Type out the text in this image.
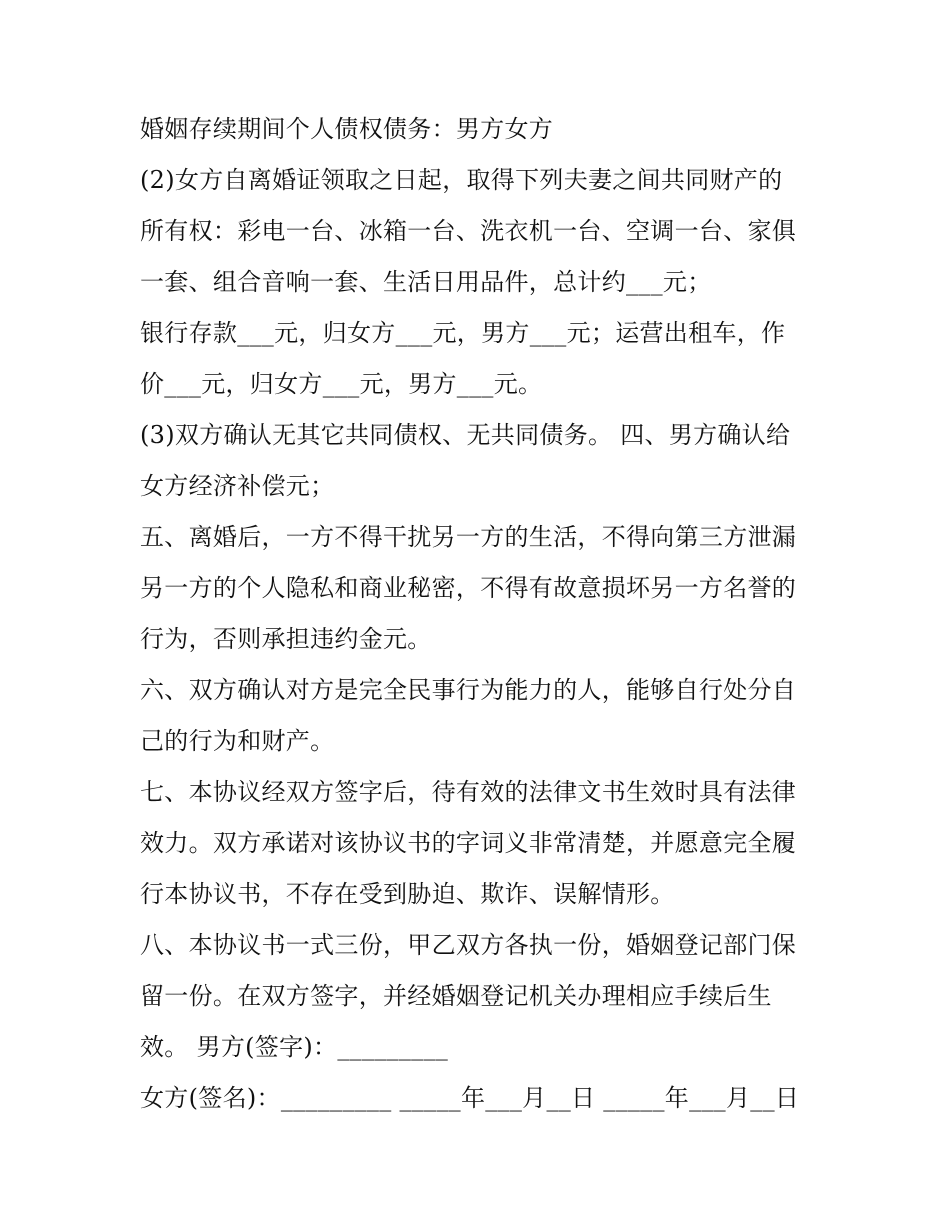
婚姻存续期间个人债权债务：男方女方

(2)女方自离婚证领取之日起，取得下列夫妻之间共同财产的

所有权：彩电一台、冰箱一台、洗衣机一台、空调一台、家俱

一套、组合音响一套、生活日用品件，总计约___元；

银行存款___元，归女方___元，男方___元；运营出租车，作

价___元，归女方___元，男方___元。

(3)双方确认无其它共同债权、无共同债务。 四、男方确认给

女方经济补偿元；

五、离婚后，一方不得干扰另一方的生活，不得向第三方泄漏

另一方的个人隐私和商业秘密，不得有故意损坏另一方名誉的

行为，否则承担违约金元。

六、双方确认对方是完全民事行为能力的人，能够自行处分自

己的行为和财产。

七、本协议经双方签字后，待有效的法律文书生效时具有法律

效力。双方承诺对该协议书的字词义非常清楚，并愿意完全履

行本协议书，不存在受到胁迫、欺诈、误解情形。

八、本协议书一式三份，甲乙双方各执一份，婚姻登记部门保

留一份。在双方签字，并经婚姻登记机关办理相应手续后生

效。 男方(签字)：_________

女方(签名)：_________ _____年___月__日 _____年___月__日
